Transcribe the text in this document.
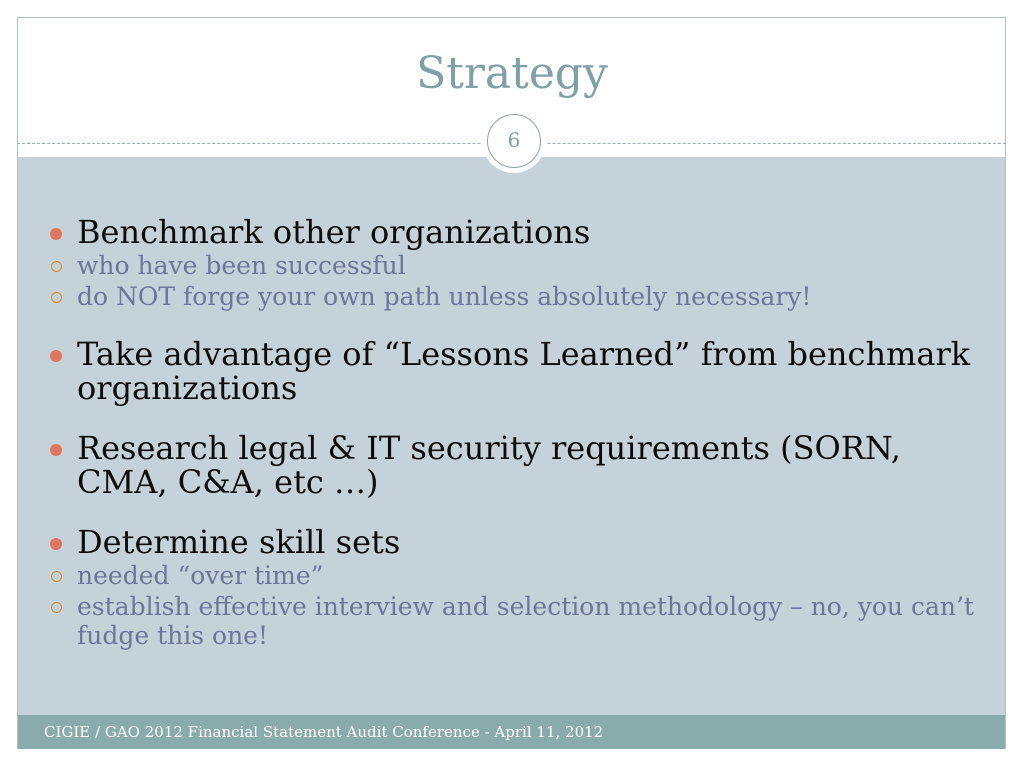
Strategy
6
Benchmark other organizations
who have been successful
do NOT forge your own path unless absolutely necessary!
Take advantage of “Lessons Learned” from benchmark organizations
Research legal & IT security requirements (SORN, CMA, C&A, etc …)
Determine skill sets
needed “over time”
establish effective interview and selection methodology – no, you can’t fudge this one!
CIGIE / GAO 2012 Financial Statement Audit Conference - April 11, 2012
